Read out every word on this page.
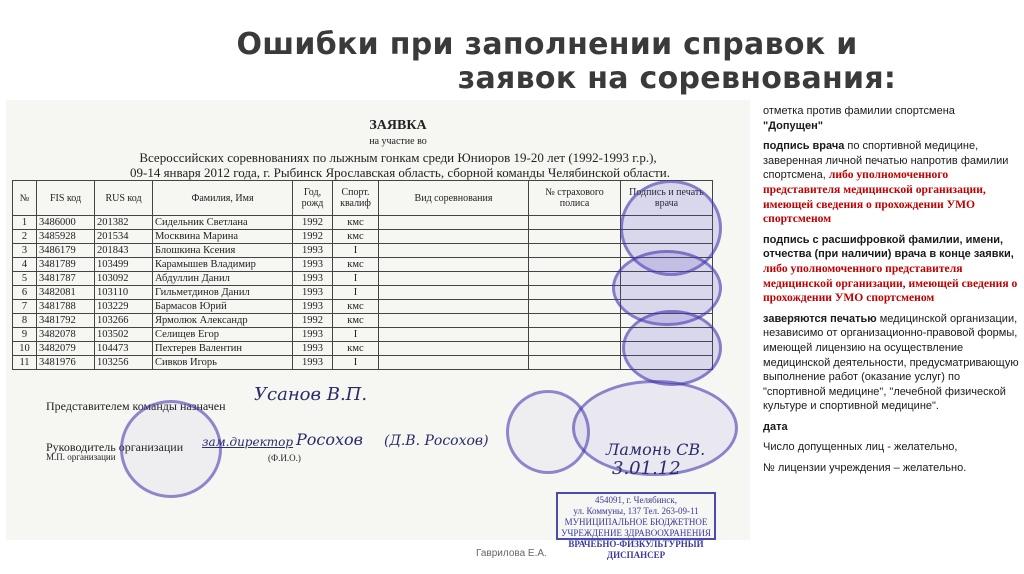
Ошибки при заполнении справок и
заявок на соревнования:
ЗАЯВКА
на участие во
Всероссийских соревнованиях по лыжным гонкам среди Юниоров 19-20 лет (1992-1993 г.р.),
09-14 января 2012 года, г. Рыбинск Ярославская область, сборной команды Челябинской области.
№	FIS код	RUS код	Фамилия, Имя	Год, рожд	Спорт. квалиф	Вид соревнования	№ страхового полиса	Подпись и печать врача
1	3486000	201382	Сидельник Светлана	1992	кмс			
2	3485928	201534	Москвина Марина	1992	кмс			
3	3486179	201843	Блошкина Ксения	1993	I			
4	3481789	103499	Карамышев Владимир	1993	кмс			
5	3481787	103092	Абдуллин Данил	1993	I			
6	3482081	103110	Гильметдинов Данил	1993	I			
7	3481788	103229	Бармасов Юрий	1993	кмс			
8	3481792	103266	Ярмолюк Александр	1992	кмс			
9	3482078	103502	Селищев Егор	1993	I			
10	3482079	104473	Пехтерев Валентин	1993	кмс			
11	3481976	103256	Сивков Игорь	1993	I			
Представителем команды назначен
Усанов В.П.
Руководитель организации зам.директор Росохов (Д.В. Росохов)
(Ф.И.О.)
М.П. организации	Ламонь СВ.
3.01.12
454091, г. Челябинск,
ул. Коммуны, 137 Тел. 263-09-11
МУНИЦИПАЛЬНОЕ БЮДЖЕТНОЕ
УЧРЕЖДЕНИЕ ЗДРАВООХРАНЕНИЯ
ВРАЧЕБНО-ФИЗКУЛЬТУРНЫЙ ДИСПАНСЕР

отметка против фамилии спортсмена
"Допущен"

подпись врача по спортивной медицине, заверенная личной печатью напротив фамилии спортсмена, либо уполномоченного представителя медицинской организации, имеющей сведения о прохождении УМО спортсменом

подпись с расшифровкой фамилии, имени, отчества (при наличии) врача в конце заявки, либо уполномоченного представителя медицинской организации, имеющей сведения о прохождении УМО спортсменом

заверяются печатью медицинской организации, независимо от организационно-правовой формы, имеющей лицензию на осуществление медицинской деятельности, предусматривающую выполнение работ (оказание услуг) по "спортивной медицине", "лечебной физической культуре и спортивной медицине".

дата

Число допущенных лиц - желательно,

№ лицензии учреждения – желательно.

Гаврилова Е.А.
